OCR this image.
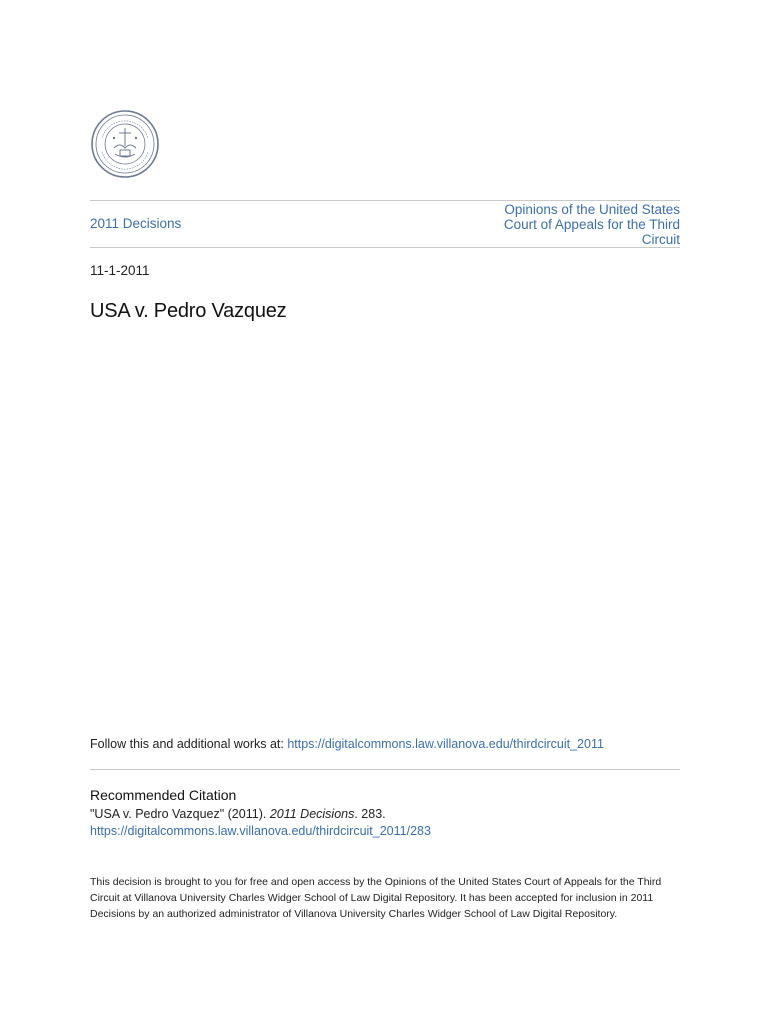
2011 Decisions
Opinions of the United States Court of Appeals for the Third Circuit
11-1-2011
USA v. Pedro Vazquez
Follow this and additional works at: https://digitalcommons.law.villanova.edu/thirdcircuit_2011
Recommended Citation
"USA v. Pedro Vazquez" (2011). 2011 Decisions. 283.
https://digitalcommons.law.villanova.edu/thirdcircuit_2011/283
This decision is brought to you for free and open access by the Opinions of the United States Court of Appeals for the Third Circuit at Villanova University Charles Widger School of Law Digital Repository. It has been accepted for inclusion in 2011 Decisions by an authorized administrator of Villanova University Charles Widger School of Law Digital Repository.
